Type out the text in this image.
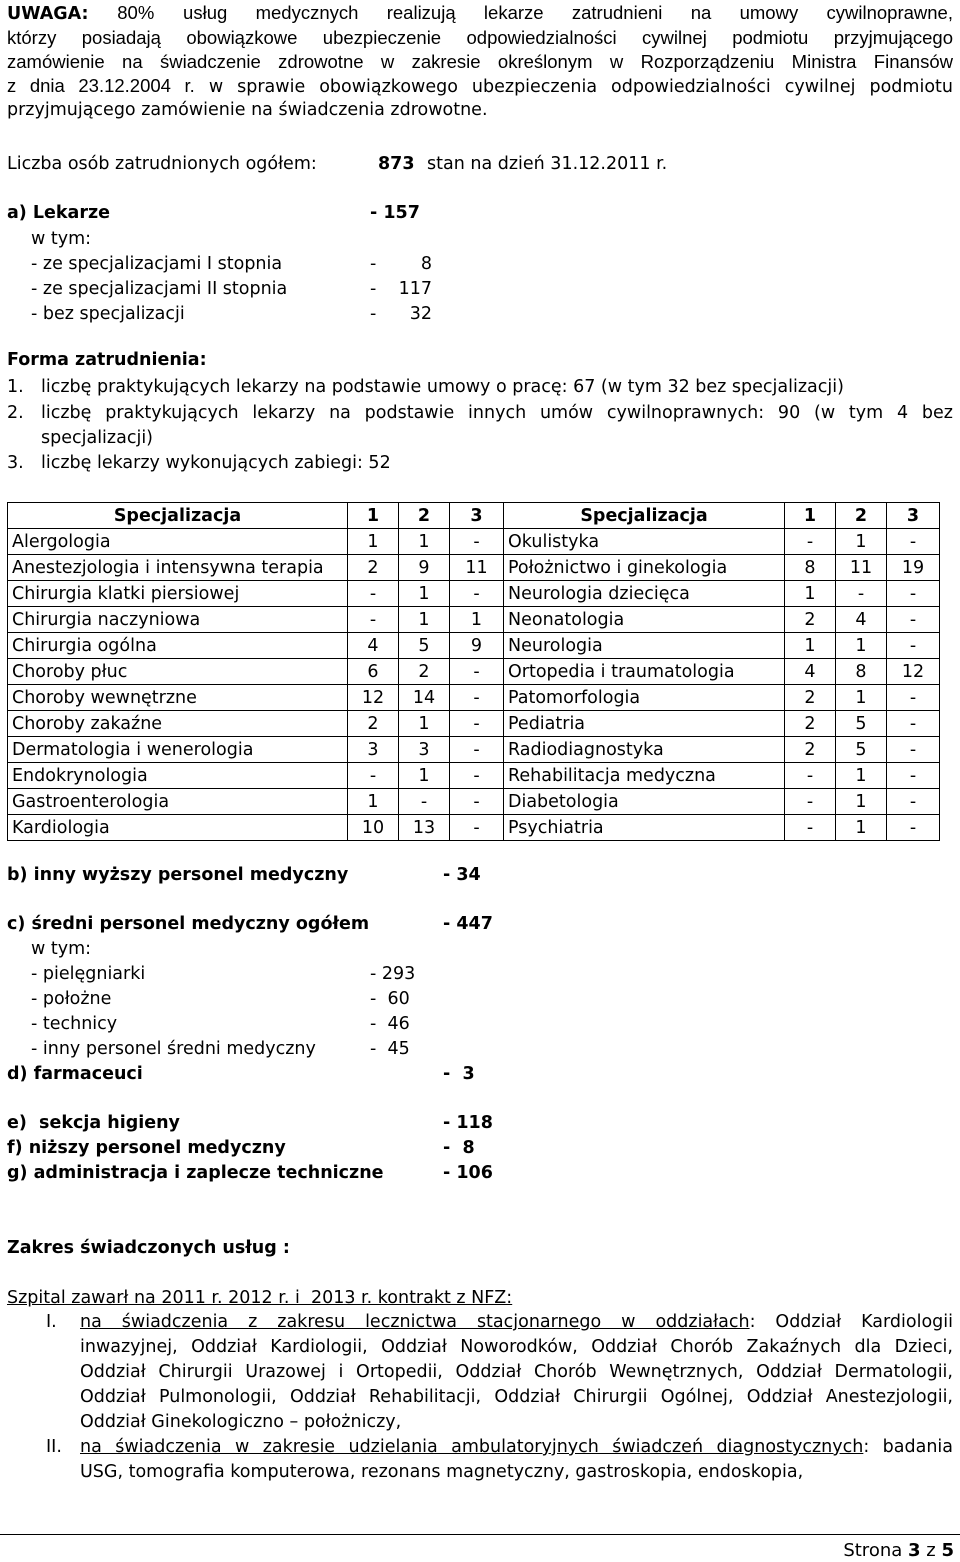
UWAGA: 80% usług medycznych realizują lekarze zatrudnieni na umowy cywilnoprawne,
którzy posiadają obowiązkowe ubezpieczenie odpowiedzialności cywilnej podmiotu przyjmującego
zamówienie na świadczenie zdrowotne w zakresie określonym w Rozporządzeniu Ministra Finansów
z dnia 23.12.2004 r. w sprawie obowiązkowego ubezpieczenia odpowiedzialności cywilnej podmiotu
przyjmującego zamówienie na świadczenia zdrowotne.
Liczba osób zatrudnionych ogółem:	873 stan na dzień 31.12.2011 r.
a) Lekarze	- 157
w tym:
- ze specjalizacjami I stopnia	-	8
- ze specjalizacjami II stopnia	-	117
- bez specjalizacji	-	32
Forma zatrudnienia:
1. liczbę praktykujących lekarzy na podstawie umowy o pracę: 67 (w tym 32 bez specjalizacji)
2. liczbę praktykujących lekarzy na podstawie innych umów cywilnoprawnych: 90 (w tym 4 bez
specjalizacji)
3. liczbę lekarzy wykonujących zabiegi: 52
Specjalizacja	1	2	3	Specjalizacja	1	2	3
Alergologia	1	1	-	Okulistyka	-	1	-
Anestezjologia i intensywna terapia	2	9	11	Położnictwo i ginekologia	8	11	19
Chirurgia klatki piersiowej	-	1	-	Neurologia dziecięca	1	-	-
Chirurgia naczyniowa	-	1	1	Neonatologia	2	4	-
Chirurgia ogólna	4	5	9	Neurologia	1	1	-
Choroby płuc	6	2	-	Ortopedia i traumatologia	4	8	12
Choroby wewnętrzne	12	14	-	Patomorfologia	2	1	-
Choroby zakaźne	2	1	-	Pediatria	2	5	-
Dermatologia i wenerologia	3	3	-	Radiodiagnostyka	2	5	-
Endokrynologia	-	1	-	Rehabilitacja medyczna	-	1	-
Gastroenterologia	1	-	-	Diabetologia	-	1	-
Kardiologia	10	13	-	Psychiatria	-	1	-
b) inny wyższy personel medyczny	- 34
c) średni personel medyczny ogółem	- 447
w tym:
- pielęgniarki	- 293
- położne	-  60
- technicy	-  46
- inny personel średni medyczny	-  45
d) farmaceuci	-  3
e)  sekcja higieny	- 118
f) niższy personel medyczny	-  8
g) administracja i zaplecze techniczne	- 106
Zakres świadczonych usług :
Szpital zawarł na 2011 r. 2012 r. i  2013 r. kontrakt z NFZ:
I. na świadczenia z zakresu lecznictwa stacjonarnego w oddziałach: Oddział Kardiologii
inwazyjnej, Oddział Kardiologii, Oddział Noworodków, Oddział Chorób Zakaźnych dla Dzieci,
Oddział Chirurgii Urazowej i Ortopedii, Oddział Chorób Wewnętrznych, Oddział Dermatologii,
Oddział Pulmonologii, Oddział Rehabilitacji, Oddział Chirurgii Ogólnej, Oddział Anestezjologii,
Oddział Ginekologiczno – położniczy,
II. na świadczenia w zakresie udzielania ambulatoryjnych świadczeń diagnostycznych: badania
USG, tomografia komputerowa, rezonans magnetyczny, gastroskopia, endoskopia,
Strona 3 z 5
